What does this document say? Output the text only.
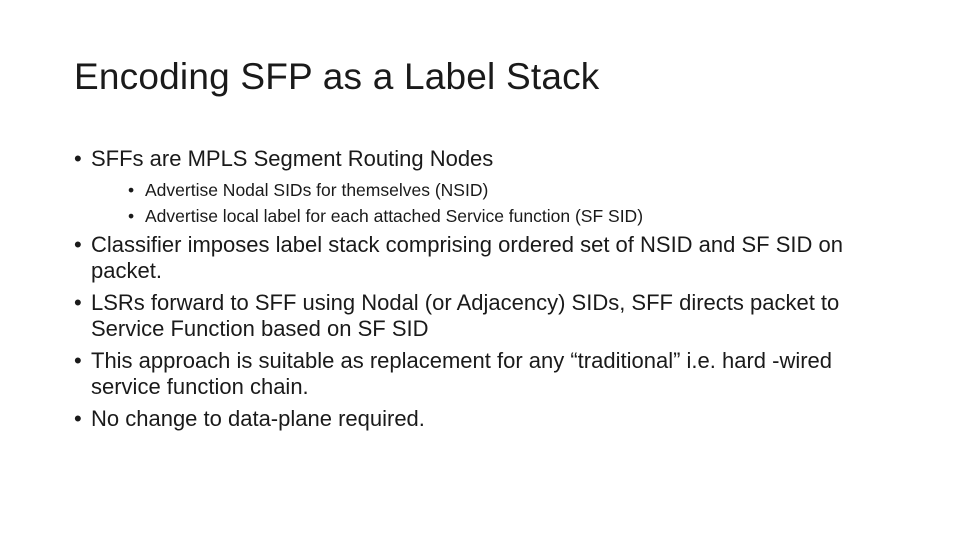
Encoding SFP as a Label Stack
• SFFs are MPLS Segment Routing Nodes
• Advertise Nodal SIDs for themselves (NSID)
• Advertise local label for each attached Service function (SF SID)
• Classifier imposes label stack comprising ordered set of NSID and SF SID on packet.
• LSRs forward to SFF using Nodal (or Adjacency) SIDs, SFF directs packet to Service Function based on SF SID
• This approach is suitable as replacement for any “traditional” i.e. hard -wired service function chain.
• No change to data-plane required.
